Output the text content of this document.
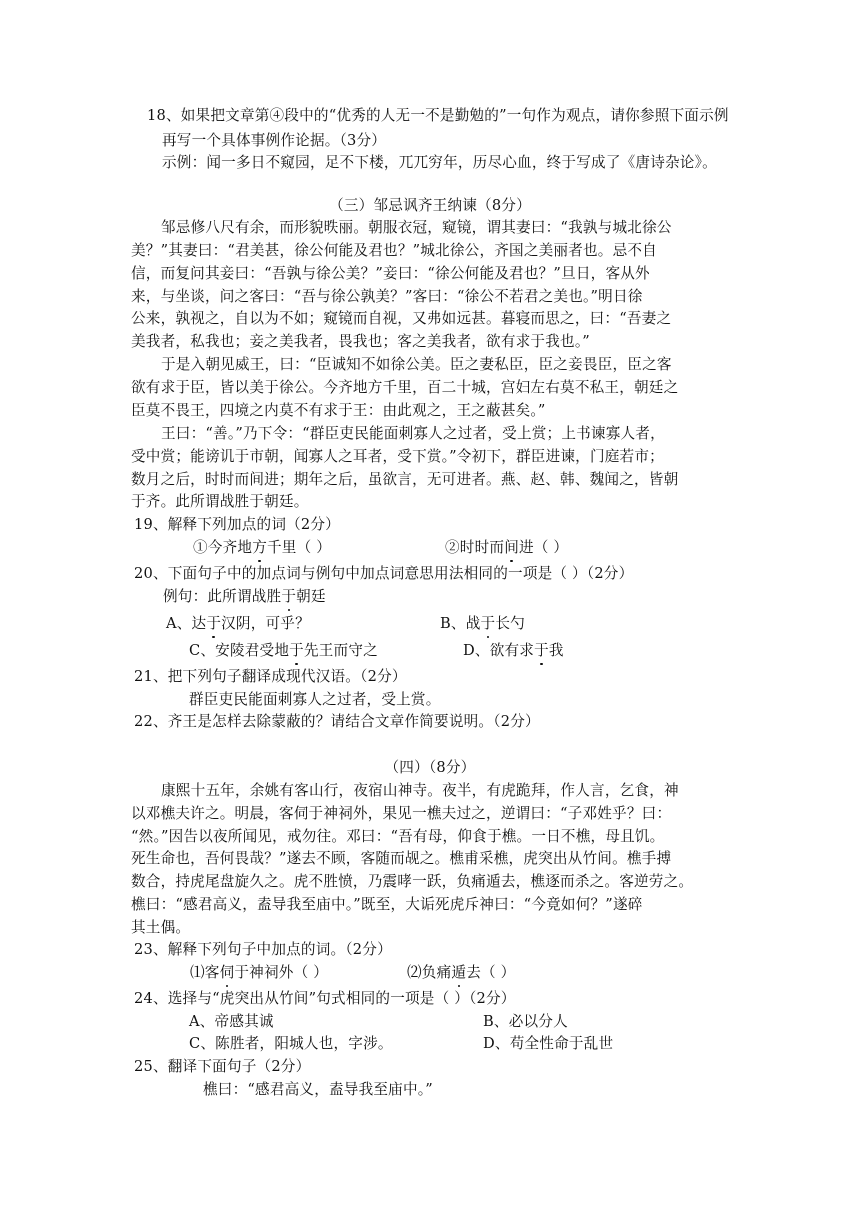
18、如果把文章第④段中的“优秀的人无一不是勤勉的”一句作为观点，请你参照下面示例
再写一个具体事例作论据。（3分）
示例：闻一多日不窥园，足不下楼，兀兀穷年，历尽心血，终于写成了《唐诗杂论》。
（三）邹忌讽齐王纳谏（8分）
邹忌修八尺有余，而形貌昳丽。朝服衣冠，窥镜，谓其妻曰：“我孰与城北徐公
美？”其妻曰：“君美甚，徐公何能及君也？”城北徐公，齐国之美丽者也。忌不自
信，而复问其妾曰：“吾孰与徐公美？”妾曰：“徐公何能及君也？”旦日，客从外
来，与坐谈，问之客曰：“吾与徐公孰美？”客曰：“徐公不若君之美也。”明日徐
公来，孰视之，自以为不如；窥镜而自视，又弗如远甚。暮寝而思之，曰：“吾妻之
美我者，私我也；妾之美我者，畏我也；客之美我者，欲有求于我也。”
于是入朝见威王，曰：“臣诚知不如徐公美。臣之妻私臣，臣之妾畏臣，臣之客
欲有求于臣，皆以美于徐公。今齐地方千里，百二十城，宫妇左右莫不私王，朝廷之
臣莫不畏王，四境之内莫不有求于王：由此观之，王之蔽甚矣。”
王曰：“善。”乃下令：“群臣吏民能面刺寡人之过者，受上赏；上书谏寡人者，
受中赏；能谤讥于市朝，闻寡人之耳者，受下赏。”令初下，群臣进谏，门庭若市；
数月之后，时时而间进；期年之后，虽欲言，无可进者。燕、赵、韩、魏闻之，皆朝
于齐。此所谓战胜于朝廷。
19、解释下列加点的词（2分）
①今齐地方千里（ ）	②时时而间进（ ）
20、下面句子中的加点词与例句中加点词意思用法相同的一项是（ ）（2分）
例句：此所谓战胜于朝廷
A、达于汉阴，可乎？	B、战于长勺
C、安陵君受地于先王而守之	D、欲有求于我
21、把下列句子翻译成现代汉语。（2分）
群臣吏民能面刺寡人之过者，受上赏。
22、齐王是怎样去除蒙蔽的？请结合文章作简要说明。（2分）
（四）（8分）
康熙十五年，余姚有客山行，夜宿山神寺。夜半，有虎跪拜，作人言，乞食，神
以邓樵夫许之。明晨，客伺于神祠外，果见一樵夫过之，逆谓曰：“子邓姓乎？曰：
“然。”因告以夜所闻见，戒勿往。邓曰：“吾有母，仰食于樵。一日不樵，母且饥。
死生命也，吾何畏哉？”遂去不顾，客随而觇之。樵甫采樵，虎突出从竹间。樵手搏
数合，持虎尾盘旋久之。虎不胜愤，乃震哮一跃，负痛遁去，樵逐而杀之。客逆劳之。
樵曰：“感君高义，盍导我至庙中。”既至，大诟死虎斥神曰：“今竟如何？”遂碎
其土偶。
23、解释下列句子中加点的词。（2分）
⑴客伺于神祠外（ ）	⑵负痛遁去（ ）
24、选择与“虎突出从竹间”句式相同的一项是（ ）（2分）
A、帝感其诚	B、必以分人
C、陈胜者，阳城人也，字涉。	D、苟全性命于乱世
25、翻译下面句子（2分）
樵曰：“感君高义，盍导我至庙中。”
